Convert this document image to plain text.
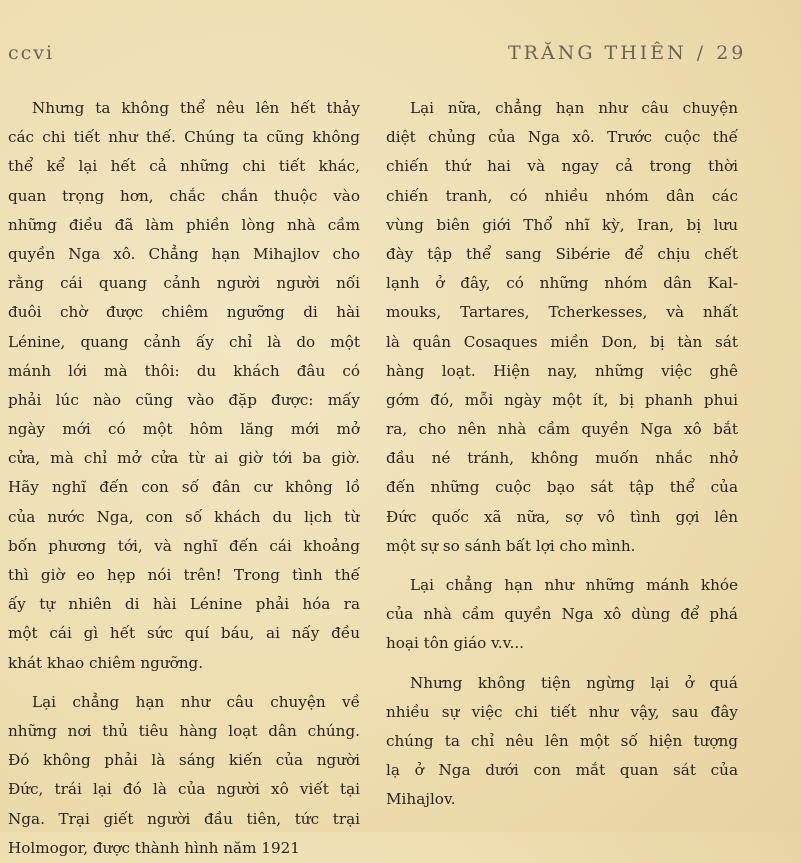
ccvi	TRĂNG THIÊN / 29
Nhưng ta không thể nêu lên hết thảy
các chi tiết như thế. Chúng ta cũng không
thể kể lại hết cả những chi tiết khác,
quan trọng hơn, chắc chắn thuộc vào
những điều đã làm phiền lòng nhà cầm
quyền Nga xô. Chẳng hạn Mihajlov cho
rằng cái quang cảnh người người nối
đuôi chờ được chiêm ngưỡng di hài
Lénine, quang cảnh ấy chỉ là do một
mánh lới mà thôi: du khách đâu có
phải lúc nào cũng vào đặp được: mấy
ngày mới có một hôm lăng mới mở
cửa, mà chỉ mở cửa từ ai giờ tới ba giờ.
Hãy nghĩ đến con số đân cư không lồ
của nước Nga, con số khách du lịch từ
bốn phương tới, và nghĩ đến cái khoảng
thì giờ eo hẹp nói trên! Trong tình thế
ấy tự nhiên di hài Lénine phải hóa ra
một cái gì hết sức quí báu, ai nấy đều
khát khao chiêm ngưỡng.
Lại chẳng hạn như câu chuyện về
những nơi thủ tiêu hàng loạt dân chúng.
Đó không phải là sáng kiến của người
Đức, trái lại đó là của người xô viết tại
Nga. Trại giết người đầu tiên, tức trại
Holmogor, được thành hình năm 1921
Lại nữa, chẳng hạn như câu chuyện
diệt chủng của Nga xô. Trước cuộc thế
chiến thứ hai và ngay cả trong thời
chiến tranh, có nhiều nhóm dân các
vùng biên giới Thổ nhĩ kỳ, Iran, bị lưu
đày tập thể sang Sibérie để chịu chết
lạnh ở đây, có những nhóm dân Kal-
mouks, Tartares, Tcherkesses, và nhất
là quân Cosaques miền Don, bị tàn sát
hàng loạt. Hiện nay, những việc ghê
gớm đó, mỗi ngày một ít, bị phanh phui
ra, cho nên nhà cầm quyền Nga xô bắt
đầu né tránh, không muốn nhắc nhở
đến những cuộc bạo sát tập thể của
Đức quốc xã nữa, sợ vô tình gợi lên
một sự so sánh bất lợi cho mình.
Lại chẳng hạn như những mánh khóe
của nhà cầm quyền Nga xô dùng để phá
hoại tôn giáo v.v...
Nhưng không tiện ngừng lại ở quá
nhiều sự việc chi tiết như vậy, sau đây
chúng ta chỉ nêu lên một số hiện tượng
lạ ở Nga dưới con mắt quan sát của
Mihajlov.
